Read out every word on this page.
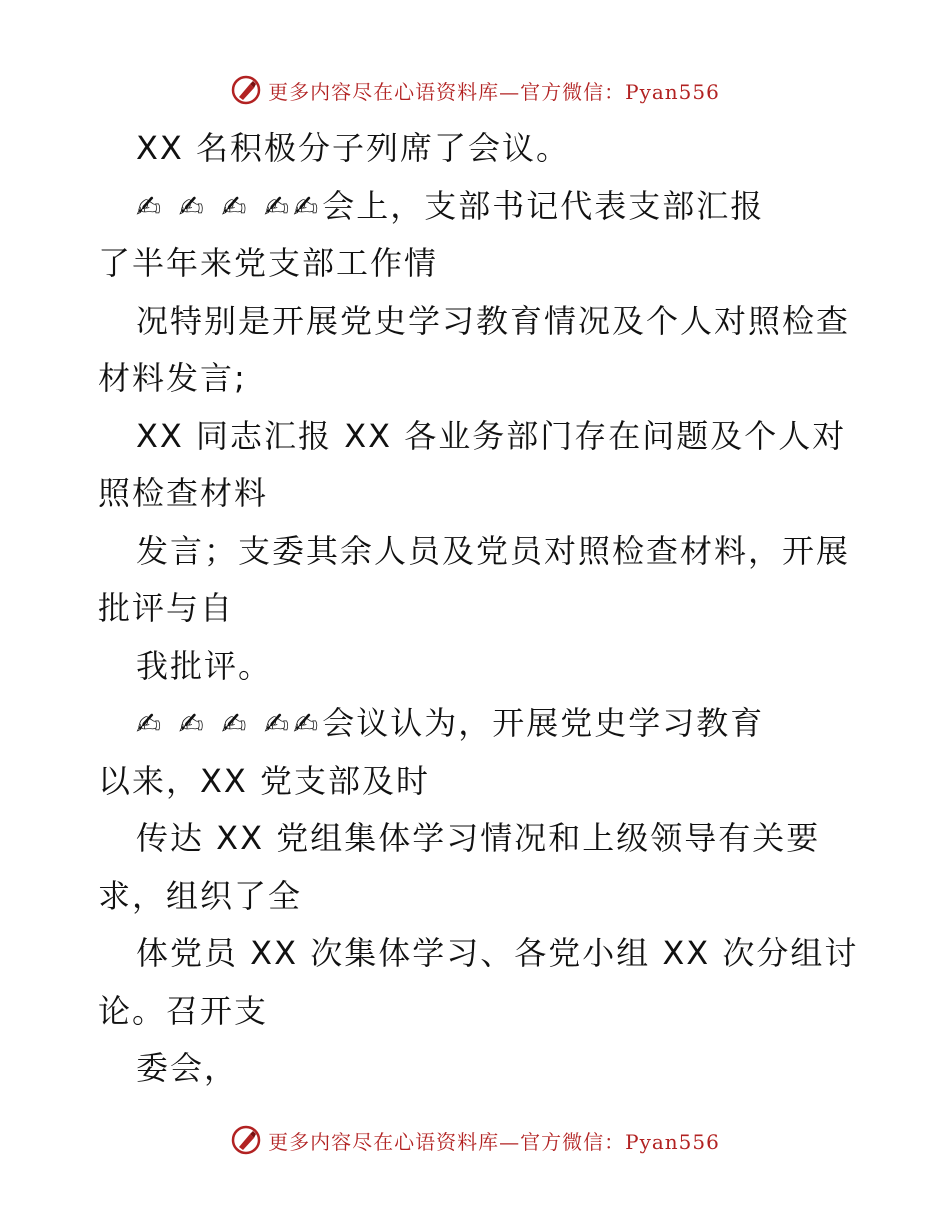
更多内容尽在心语资料库—官方微信：Pyan556
XX 名积极分子列席了会议。
✍ ✍ ✍ ✍✍会上，支部书记代表支部汇报
了半年来党支部工作情
况特别是开展党史学习教育情况及个人对照检查
材料发言;
XX 同志汇报 XX 各业务部门存在问题及个人对
照检查材料
发言；支委其余人员及党员对照检查材料，开展
批评与自
我批评。
✍ ✍ ✍ ✍✍会议认为，开展党史学习教育
以来，XX 党支部及时
传达 XX 党组集体学习情况和上级领导有关要
求，组织了全
体党员 XX 次集体学习、各党小组 XX 次分组讨
论。召开支
委会，
更多内容尽在心语资料库—官方微信：Pyan556
